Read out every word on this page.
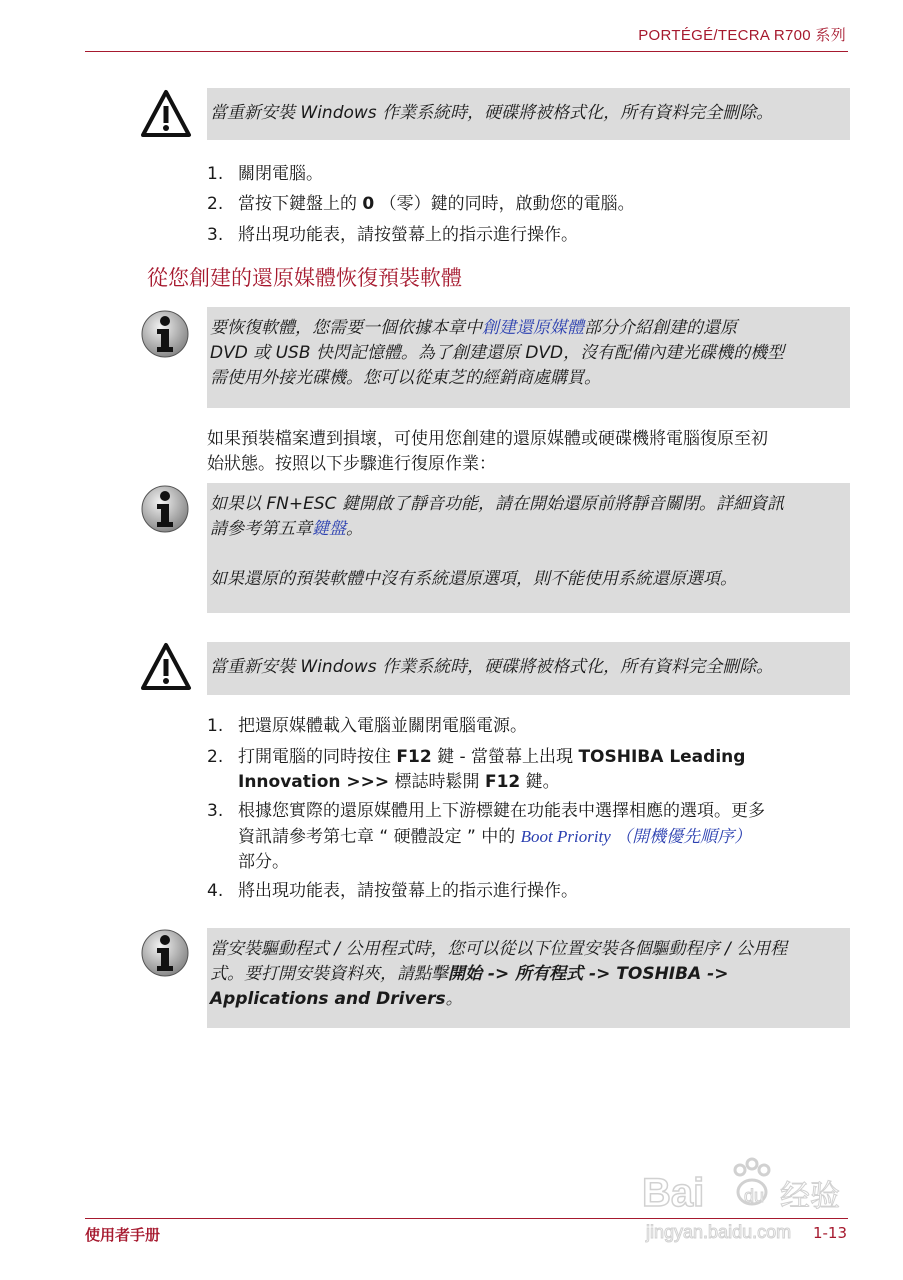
PORTÉGÉ/TECRA R700 系列

當重新安裝 Windows 作業系統時，硬碟將被格式化，所有資料完全刪除。

1. 關閉電腦。
2. 當按下鍵盤上的 0 （零）鍵的同時，啟動您的電腦。
3. 將出現功能表，請按螢幕上的指示進行操作。
從您創建的還原媒體恢復預裝軟體

要恢復軟體，您需要一個依據本章中創建還原媒體部分介紹創建的還原

DVD 或 USB 快閃記憶體。為了創建還原 DVD，沒有配備內建光碟機的機型

需使用外接光碟機。您可以從東芝的經銷商處購買。

如果預裝檔案遭到損壞，可使用您創建的還原媒體或硬碟機將電腦復原至初
始狀態。按照以下步驟進行復原作業：

如果以 FN+ESC 鍵開啟了靜音功能，請在開始還原前將靜音關閉。詳細資訊

請參考第五章鍵盤。

如果還原的預裝軟體中沒有系統還原選項，則不能使用系統還原選項。

當重新安裝 Windows 作業系統時，硬碟將被格式化，所有資料完全刪除。

1. 把還原媒體載入電腦並關閉電腦電源。
2. 打開電腦的同時按住 F12 鍵 - 當螢幕上出現 TOSHIBA Leading
Innovation >>> 標誌時鬆開 F12 鍵。
3. 根據您實際的還原媒體用上下游標鍵在功能表中選擇相應的選項。更多
資訊請參考第七章 “ 硬體設定 ” 中的 Boot Priority （開機優先順序）
部分。
4. 將出現功能表，請按螢幕上的指示進行操作。

當安裝驅動程式 / 公用程式時，您可以從以下位置安裝各個驅動程序 / 公用程

式。要打開安裝資料夾，請點擊開始 -> 所有程式 -> TOSHIBA ->

Applications and Drivers。

Bai du 经验
jingyan.baidu.com
使用者手册	1-13
